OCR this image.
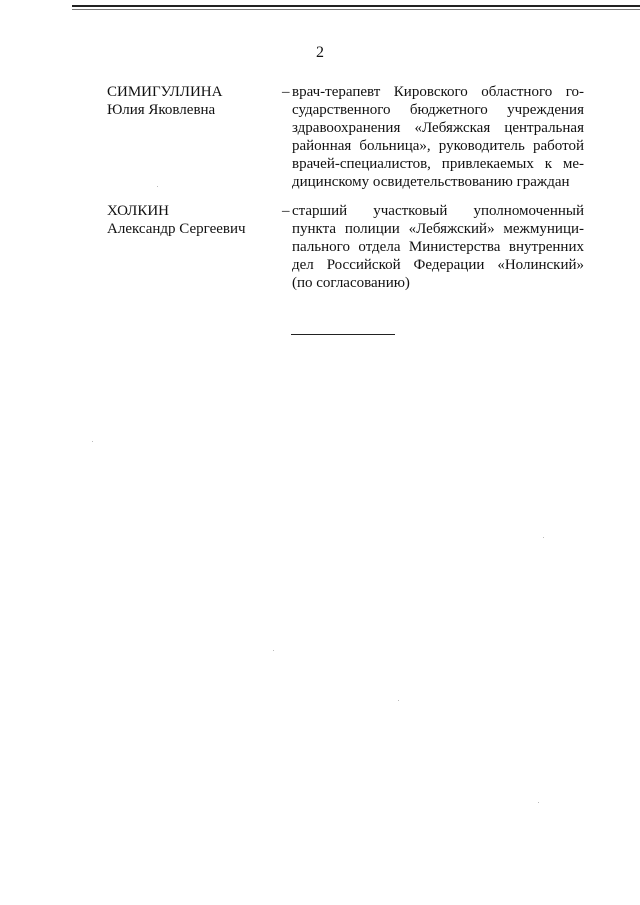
2
СИМИГУЛЛИНА
Юлия Яковлевна
– врач-терапевт Кировского областного го-
сударственного бюджетного учреждения
здравоохранения «Лебяжская центральная
районная больница», руководитель работой
врачей-специалистов, привлекаемых к ме-
дицинскому освидетельствованию граждан
ХОЛКИН
Александр Сергеевич
– старший участковый уполномоченный
пункта полиции «Лебяжский» межмуници-
пального отдела Министерства внутренних
дел Российской Федерации «Нолинский»
(по согласованию)
